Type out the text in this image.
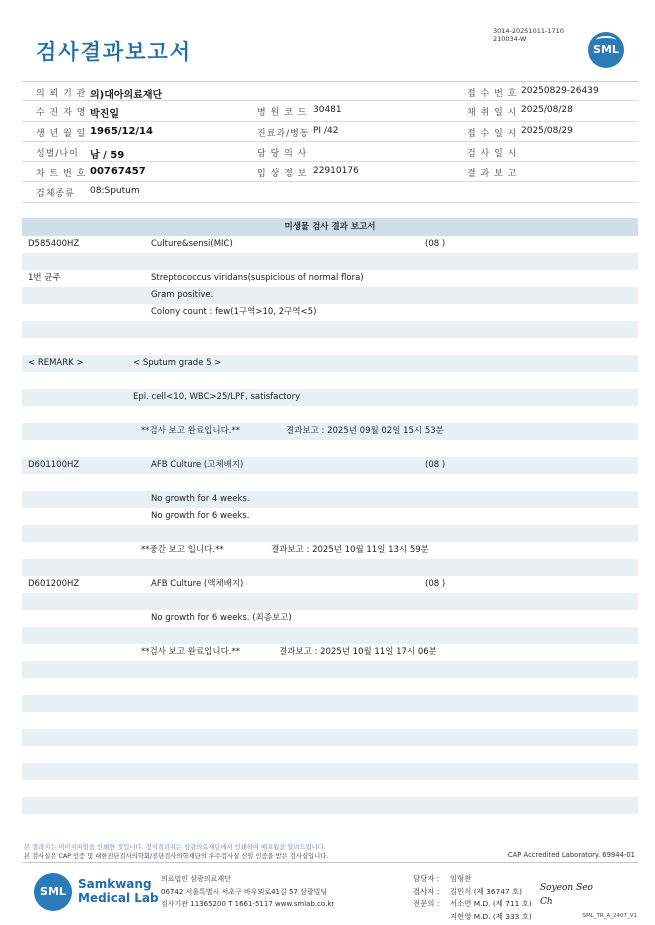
검사결과보고서
3014-20251011-1710
210034-W
SML
의 뢰 기 관 의)대아의료재단	접 수 번 호 20250829-26439
수 진 자 명 박진일	병 원 코 드 30481	채 취 일 시 2025/08/28
생 년 월 일 1965/12/14	진료과/병동 PI /42	접 수 일 시 2025/08/29
성별/나이 남 / 59	담 당 의 사	검 사 일 시
차 트 번 호 00767457	임 상 정 보 22910176	결 과 보 고
검체종류 08:Sputum
미생물 검사 결과 보고서
D585400HZ	Culture&sensi(MIC)	(08 )
1번 균주	Streptococcus viridans(suspicious of normal flora)
Gram positive.
Colony count : few(1구역>10, 2구역<5)
< REMARK >	< Sputum grade 5 >
Epi. cell<10, WBC>25/LPF, satisfactory
**검사 보고 완료입니다.**	결과보고 : 2025년 09월 02일 15시 53분
D601100HZ	AFB Culture (고체배지)	(08 )
No growth for 4 weeks.
No growth for 6 weeks.
**중간 보고 입니다.**	결과보고 : 2025년 10월 11일 13시 59분
D601200HZ	AFB Culture (액체배지)	(08 )
No growth for 6 weeks. (최종보고)
**검사 보고 완료입니다.**	결과보고 : 2025년 10월 11일 17시 06분
본 결과지는 이미지파일을 인쇄한 것입니다. 정식결과지는 삼광의료재단에서 인쇄하여 배포됨을 알려드립니다.
본 검사실은 CAP 인증 및 대한진단검사의학회/진단검사의학재단의 우수검사실 신임 인증을 받은 검사실입니다.	CAP Accredited Laboratory. 69944-01
SML
Samkwang
Medical Lab
의료법인 삼광의료재단
06742 서울특별시 서초구 바우뫼로41길 57 삼광빌딩
검사기관 11365200 T 1661-5117 www.smlab.co.kr
담당자 : 임형찬
검사자 : 김민식 (제 36747 호)
전문의 : 서소연 M.D. (제 711 호)
지현영 M.D. (제 333 호)
Soyeon Seo
Ch
SML_TR_A_2407_V1
